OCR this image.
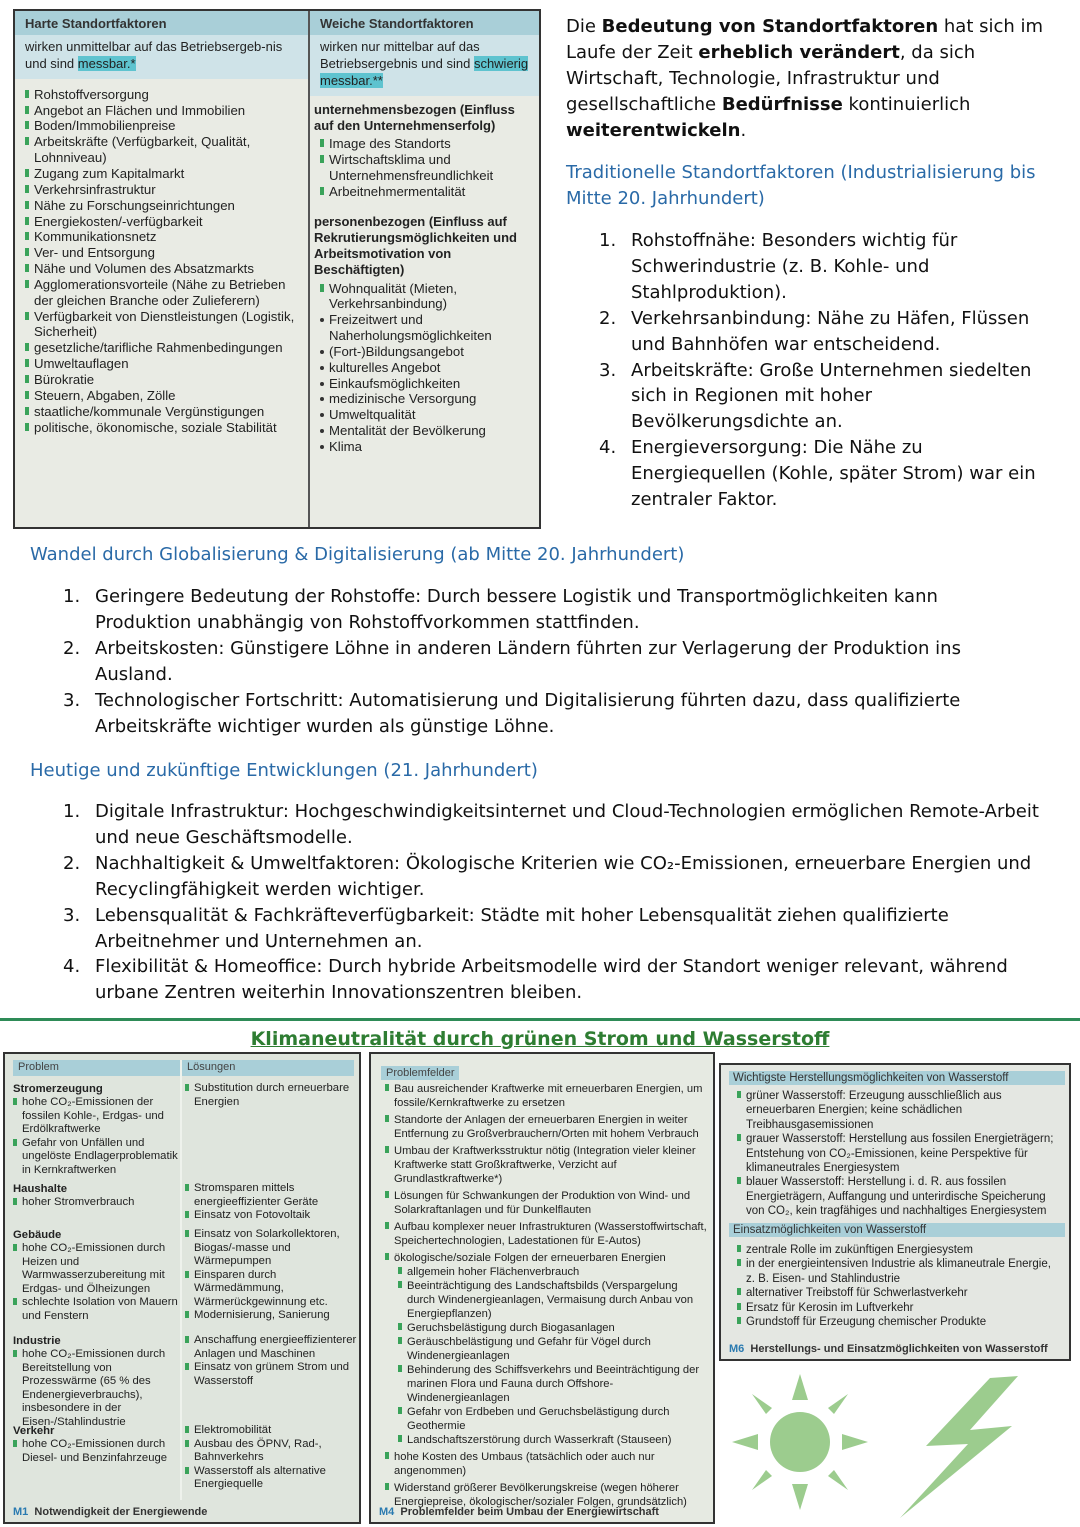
Harte Standortfaktoren
wirken unmittelbar auf das Betriebsergeb-nis und sind messbar.*
Rohstoffversorgung
Angebot an Flächen und Immobilien
Boden/Immobilienpreise
Arbeitskräfte (Verfügbarkeit, Qualität, Lohnniveau)
Zugang zum Kapitalmarkt
Verkehrsinfrastruktur
Nähe zu Forschungseinrichtungen
Energiekosten/-verfügbarkeit
Kommunikationsnetz
Ver- und Entsorgung
Nähe und Volumen des Absatzmarkts
Agglomerationsvorteile (Nähe zu Betrieben der gleichen Branche oder Zulieferern)
Verfügbarkeit von Dienstleistungen (Logistik, Sicherheit)
gesetzliche/tarifliche Rahmenbedingungen
Umweltauflagen
Bürokratie
Steuern, Abgaben, Zölle
staatliche/kommunale Vergünstigungen
politische, ökonomische, soziale Stabilität
Weiche Standortfaktoren
wirken nur mittelbar auf das Betriebsergebnis und sind schwierig messbar.**
unternehmensbezogen (Einfluss auf den Unternehmenserfolg)
Image des Standorts
Wirtschaftsklima und Unternehmensfreundlichkeit
Arbeitnehmermentalität
personenbezogen (Einfluss auf Rekrutierungsmöglichkeiten und Arbeitsmotivation von Beschäftigten)
Wohnqualität (Mieten, Verkehrsanbindung)
Freizeitwert und Naherholungsmöglichkeiten
(Fort-)Bildungsangebot
kulturelles Angebot
Einkaufsmöglichkeiten
medizinische Versorgung
Umweltqualität
Mentalität der Bevölkerung
Klima
Die Bedeutung von Standortfaktoren hat sich im Laufe der Zeit erheblich verändert, da sich Wirtschaft, Technologie, Infrastruktur und gesellschaftliche Bedürfnisse kontinuierlich weiterentwickeln.
Traditionelle Standortfaktoren (Industrialisierung bis Mitte 20. Jahrhundert)
1. Rohstoffnähe: Besonders wichtig für Schwerindustrie (z. B. Kohle- und Stahlproduktion).
2. Verkehrsanbindung: Nähe zu Häfen, Flüssen und Bahnhöfen war entscheidend.
3. Arbeitskräfte: Große Unternehmen siedelten sich in Regionen mit hoher Bevölkerungsdichte an.
4. Energieversorgung: Die Nähe zu Energiequellen (Kohle, später Strom) war ein zentraler Faktor.
Wandel durch Globalisierung & Digitalisierung (ab Mitte 20. Jahrhundert)
1. Geringere Bedeutung der Rohstoffe: Durch bessere Logistik und Transportmöglichkeiten kann Produktion unabhängig von Rohstoffvorkommen stattfinden.
2. Arbeitskosten: Günstigere Löhne in anderen Ländern führten zur Verlagerung der Produktion ins Ausland.
3. Technologischer Fortschritt: Automatisierung und Digitalisierung führten dazu, dass qualifizierte Arbeitskräfte wichtiger wurden als günstige Löhne.
Heutige und zukünftige Entwicklungen (21. Jahrhundert)
1. Digitale Infrastruktur: Hochgeschwindigkeitsinternet und Cloud-Technologien ermöglichen Remote-Arbeit und neue Geschäftsmodelle.
2. Nachhaltigkeit & Umweltfaktoren: Ökologische Kriterien wie CO₂-Emissionen, erneuerbare Energien und Recyclingfähigkeit werden wichtiger.
3. Lebensqualität & Fachkräfteverfügbarkeit: Städte mit hoher Lebensqualität ziehen qualifizierte Arbeitnehmer und Unternehmen an.
4. Flexibilität & Homeoffice: Durch hybride Arbeitsmodelle wird der Standort weniger relevant, während urbane Zentren weiterhin Innovationszentren bleiben.
Klimaneutralität durch grünen Strom und Wasserstoff
Problem	Lösungen
Stromerzeugung
hohe CO₂-Emissionen der fossilen Kohle-, Erdgas- und Erdölkraftwerke
Gefahr von Unfällen und ungelöste Endlagerproblematik in Kernkraftwerken
Substitution durch erneuerbare Energien
Haushalte
hoher Stromverbrauch
Stromsparen mittels energieeffizienter Geräte
Einsatz von Fotovoltaik
Gebäude
hohe CO₂-Emissionen durch Heizen und Warmwasserzubereitung mit Erdgas- und Ölheizungen
schlechte Isolation von Mauern und Fenstern
Einsatz von Solarkollektoren, Biogas/-masse und Wärmepumpen
Einsparen durch Wärmedämmung, Wärmerückgewinnung etc.
Modernisierung, Sanierung
Industrie
hohe CO₂-Emissionen durch Bereitstellung von Prozesswärme (65 % des Endenergieverbrauchs), insbesondere in der Eisen-/Stahlindustrie
Anschaffung energieeffizienterer Anlagen und Maschinen
Einsatz von grünem Strom und Wasserstoff
Verkehr
hohe CO₂-Emissionen durch Diesel- und Benzinfahrzeuge
Elektromobilität
Ausbau des ÖPNV, Rad-, Bahnverkehrs
Wasserstoff als alternative Energiequelle
M1 Notwendigkeit der Energiewende
Problemfelder
Bau ausreichender Kraftwerke mit erneuerbaren Energien, um fossile/Kernkraftwerke zu ersetzen
Standorte der Anlagen der erneuerbaren Energien in weiter Entfernung zu Großverbrauchern/Orten mit hohem Verbrauch
Umbau der Kraftwerksstruktur nötig (Integration vieler kleiner Kraftwerke statt Großkraftwerke, Verzicht auf Grundlastkraftwerke*)
Lösungen für Schwankungen der Produktion von Wind- und Solarkraftanlagen und für Dunkelflauten
Aufbau komplexer neuer Infrastrukturen (Wasserstoffwirtschaft, Speichertechnologien, Ladestationen für E-Autos)
ökologische/soziale Folgen der erneuerbaren Energien
allgemein hoher Flächenverbrauch
Beeinträchtigung des Landschaftsbilds (Verspargelung durch Windenergieanlagen, Vermaisung durch Anbau von Energiepflanzen)
Geruchsbelästigung durch Biogasanlagen
Geräuschbelästigung und Gefahr für Vögel durch Windenergieanlagen
Behinderung des Schiffsverkehrs und Beeinträchtigung der marinen Flora und Fauna durch Offshore-Windenergieanlagen
Gefahr von Erdbeben und Geruchsbelästigung durch Geothermie
Landschaftszerstörung durch Wasserkraft (Stauseen)
hohe Kosten des Umbaus (tatsächlich oder auch nur angenommen)
Widerstand größerer Bevölkerungskreise (wegen höherer Energiepreise, ökologischer/sozialer Folgen, grundsätzlich)
M4 Problemfelder beim Umbau der Energiewirtschaft
Wichtigste Herstellungsmöglichkeiten von Wasserstoff
grüner Wasserstoff: Erzeugung ausschließlich aus erneuerbaren Energien; keine schädlichen Treibhausgasemissionen
grauer Wasserstoff: Herstellung aus fossilen Energieträgern; Entstehung von CO₂-Emissionen, keine Perspektive für klimaneutrales Energiesystem
blauer Wasserstoff: Herstellung i. d. R. aus fossilen Energieträgern, Auffangung und unterirdische Speicherung von CO₂, kein tragfähiges und nachhaltiges Energiesystem
Einsatzmöglichkeiten von Wasserstoff
zentrale Rolle im zukünftigen Energiesystem
in der energieintensiven Industrie als klimaneutrale Energie, z. B. Eisen- und Stahlindustrie
alternativer Treibstoff für Schwerlastverkehr
Ersatz für Kerosin im Luftverkehr
Grundstoff für Erzeugung chemischer Produkte
M6 Herstellungs- und Einsatzmöglichkeiten von Wasserstoff
